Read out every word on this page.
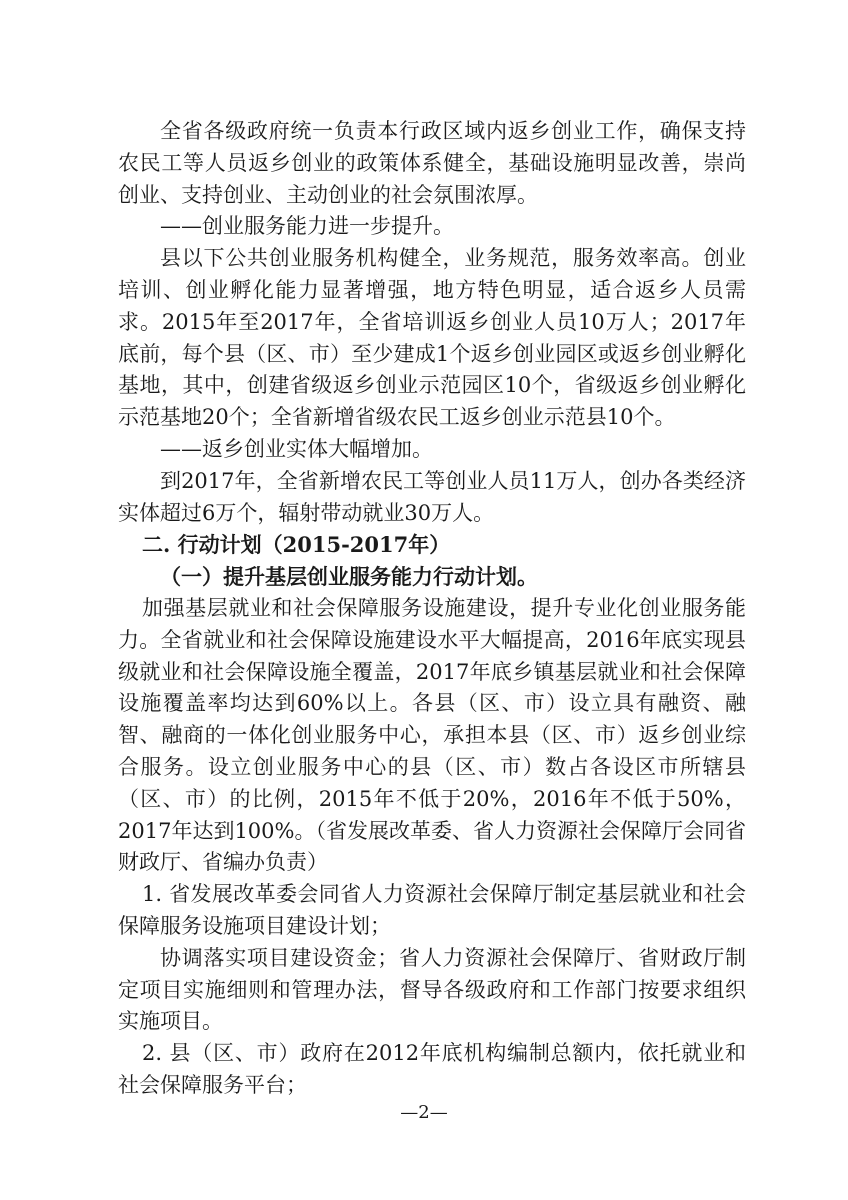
全省各级政府统一负责本行政区域内返乡创业工作，确保支持农民工等人员返乡创业的政策体系健全，基础设施明显改善，崇尚创业、支持创业、主动创业的社会氛围浓厚。

——创业服务能力进一步提升。

县以下公共创业服务机构健全，业务规范，服务效率高。创业培训、创业孵化能力显著增强，地方特色明显，适合返乡人员需求。2015年至2017年，全省培训返乡创业人员10万人；2017年底前，每个县（区、市）至少建成1个返乡创业园区或返乡创业孵化基地，其中，创建省级返乡创业示范园区10个，省级返乡创业孵化示范基地20个；全省新增省级农民工返乡创业示范县10个。

——返乡创业实体大幅增加。

到2017年，全省新增农民工等创业人员11万人，创办各类经济实体超过6万个，辐射带动就业30万人。

二. 行动计划（2015-2017年）

（一）提升基层创业服务能力行动计划。

加强基层就业和社会保障服务设施建设，提升专业化创业服务能力。全省就业和社会保障设施建设水平大幅提高，2016年底实现县级就业和社会保障设施全覆盖，2017年底乡镇基层就业和社会保障设施覆盖率均达到60%以上。各县（区、市）设立具有融资、融智、融商的一体化创业服务中心，承担本县（区、市）返乡创业综合服务。设立创业服务中心的县（区、市）数占各设区市所辖县（区、市）的比例，2015年不低于20%，2016年不低于50%，2017年达到100%。（省发展改革委、省人力资源社会保障厅会同省财政厅、省编办负责）

1. 省发展改革委会同省人力资源社会保障厅制定基层就业和社会保障服务设施项目建设计划；

协调落实项目建设资金；省人力资源社会保障厅、省财政厅制定项目实施细则和管理办法，督导各级政府和工作部门按要求组织实施项目。

2. 县（区、市）政府在2012年底机构编制总额内，依托就业和社会保障服务平台；

—2—
